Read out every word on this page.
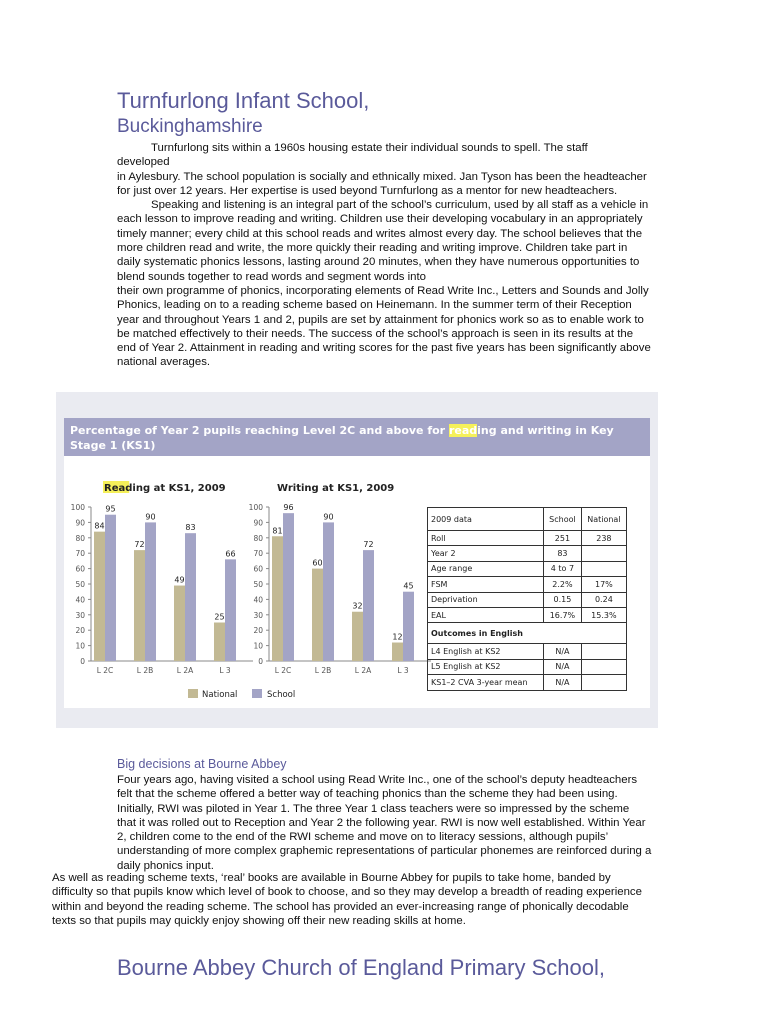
Turnfurlong Infant School,
Buckinghamshire
Turnfurlong sits within a 1960s housing estate their individual sounds to spell. The staff
developed
in Aylesbury. The school population is socially and ethnically mixed. Jan Tyson has been the headteacher
for just over 12 years. Her expertise is used beyond Turnfurlong as a mentor for new headteachers.
Speaking and listening is an integral part of the school’s curriculum, used by all staff as a vehicle in
each lesson to improve reading and writing. Children use their developing vocabulary in an appropriately
timely manner; every child at this school reads and writes almost every day. The school believes that the
more children read and write, the more quickly their reading and writing improve. Children take part in
daily systematic phonics lessons, lasting around 20 minutes, when they have numerous opportunities to
blend sounds together to read words and segment words into
their own programme of phonics, incorporating elements of Read Write Inc., Letters and Sounds and Jolly
Phonics, leading on to a reading scheme based on Heinemann. In the summer term of their Reception
year and throughout Years 1 and 2, pupils are set by attainment for phonics work so as to enable work to
be matched effectively to their needs. The success of the school’s approach is seen in its results at the
end of Year 2. Attainment in reading and writing scores for the past five years has been significantly above
national averages.
Percentage of Year 2 pupils reaching Level 2C and above for reading and writing in Key Stage 1 (KS1)
Reading at KS1, 2009
0
10
20
30
40
50
60
70
80
90
100
84
95
L 2C
72
90
L 2B
49
83
L 2A
25
66
L 3
Writing at KS1, 2009
0
10
20
30
40
50
60
70
80
90
100
81
96
L 2C
60
90
L 2B
32
72
L 2A
12
45
L 3
National	School
2009 data	School	National
Roll	251	238
Year 2	83	
Age range	4 to 7	
FSM	2.2%	17%
Deprivation	0.15	0.24
EAL	16.7%	15.3%
Outcomes in English		
L4 English at KS2	N/A	
L5 English at KS2	N/A	
KS1–2 CVA 3-year mean	N/A	
Big decisions at Bourne Abbey
Four years ago, having visited a school using Read Write Inc., one of the school’s deputy headteachers
felt that the scheme offered a better way of teaching phonics than the scheme they had been using.
Initially, RWI was piloted in Year 1. The three Year 1 class teachers were so impressed by the scheme
that it was rolled out to Reception and Year 2 the following year. RWI is now well established. Within Year
2, children come to the end of the RWI scheme and move on to literacy sessions, although pupils’
understanding of more complex graphemic representations of particular phonemes are reinforced during a
daily phonics input.
As well as reading scheme texts, ‘real’ books are available in Bourne Abbey for pupils to take home, banded by
difficulty so that pupils know which level of book to choose, and so they may develop a breadth of reading experience
within and beyond the reading scheme. The school has provided an ever-increasing range of phonically decodable
texts so that pupils may quickly enjoy showing off their new reading skills at home.
Bourne Abbey Church of England Primary School,
